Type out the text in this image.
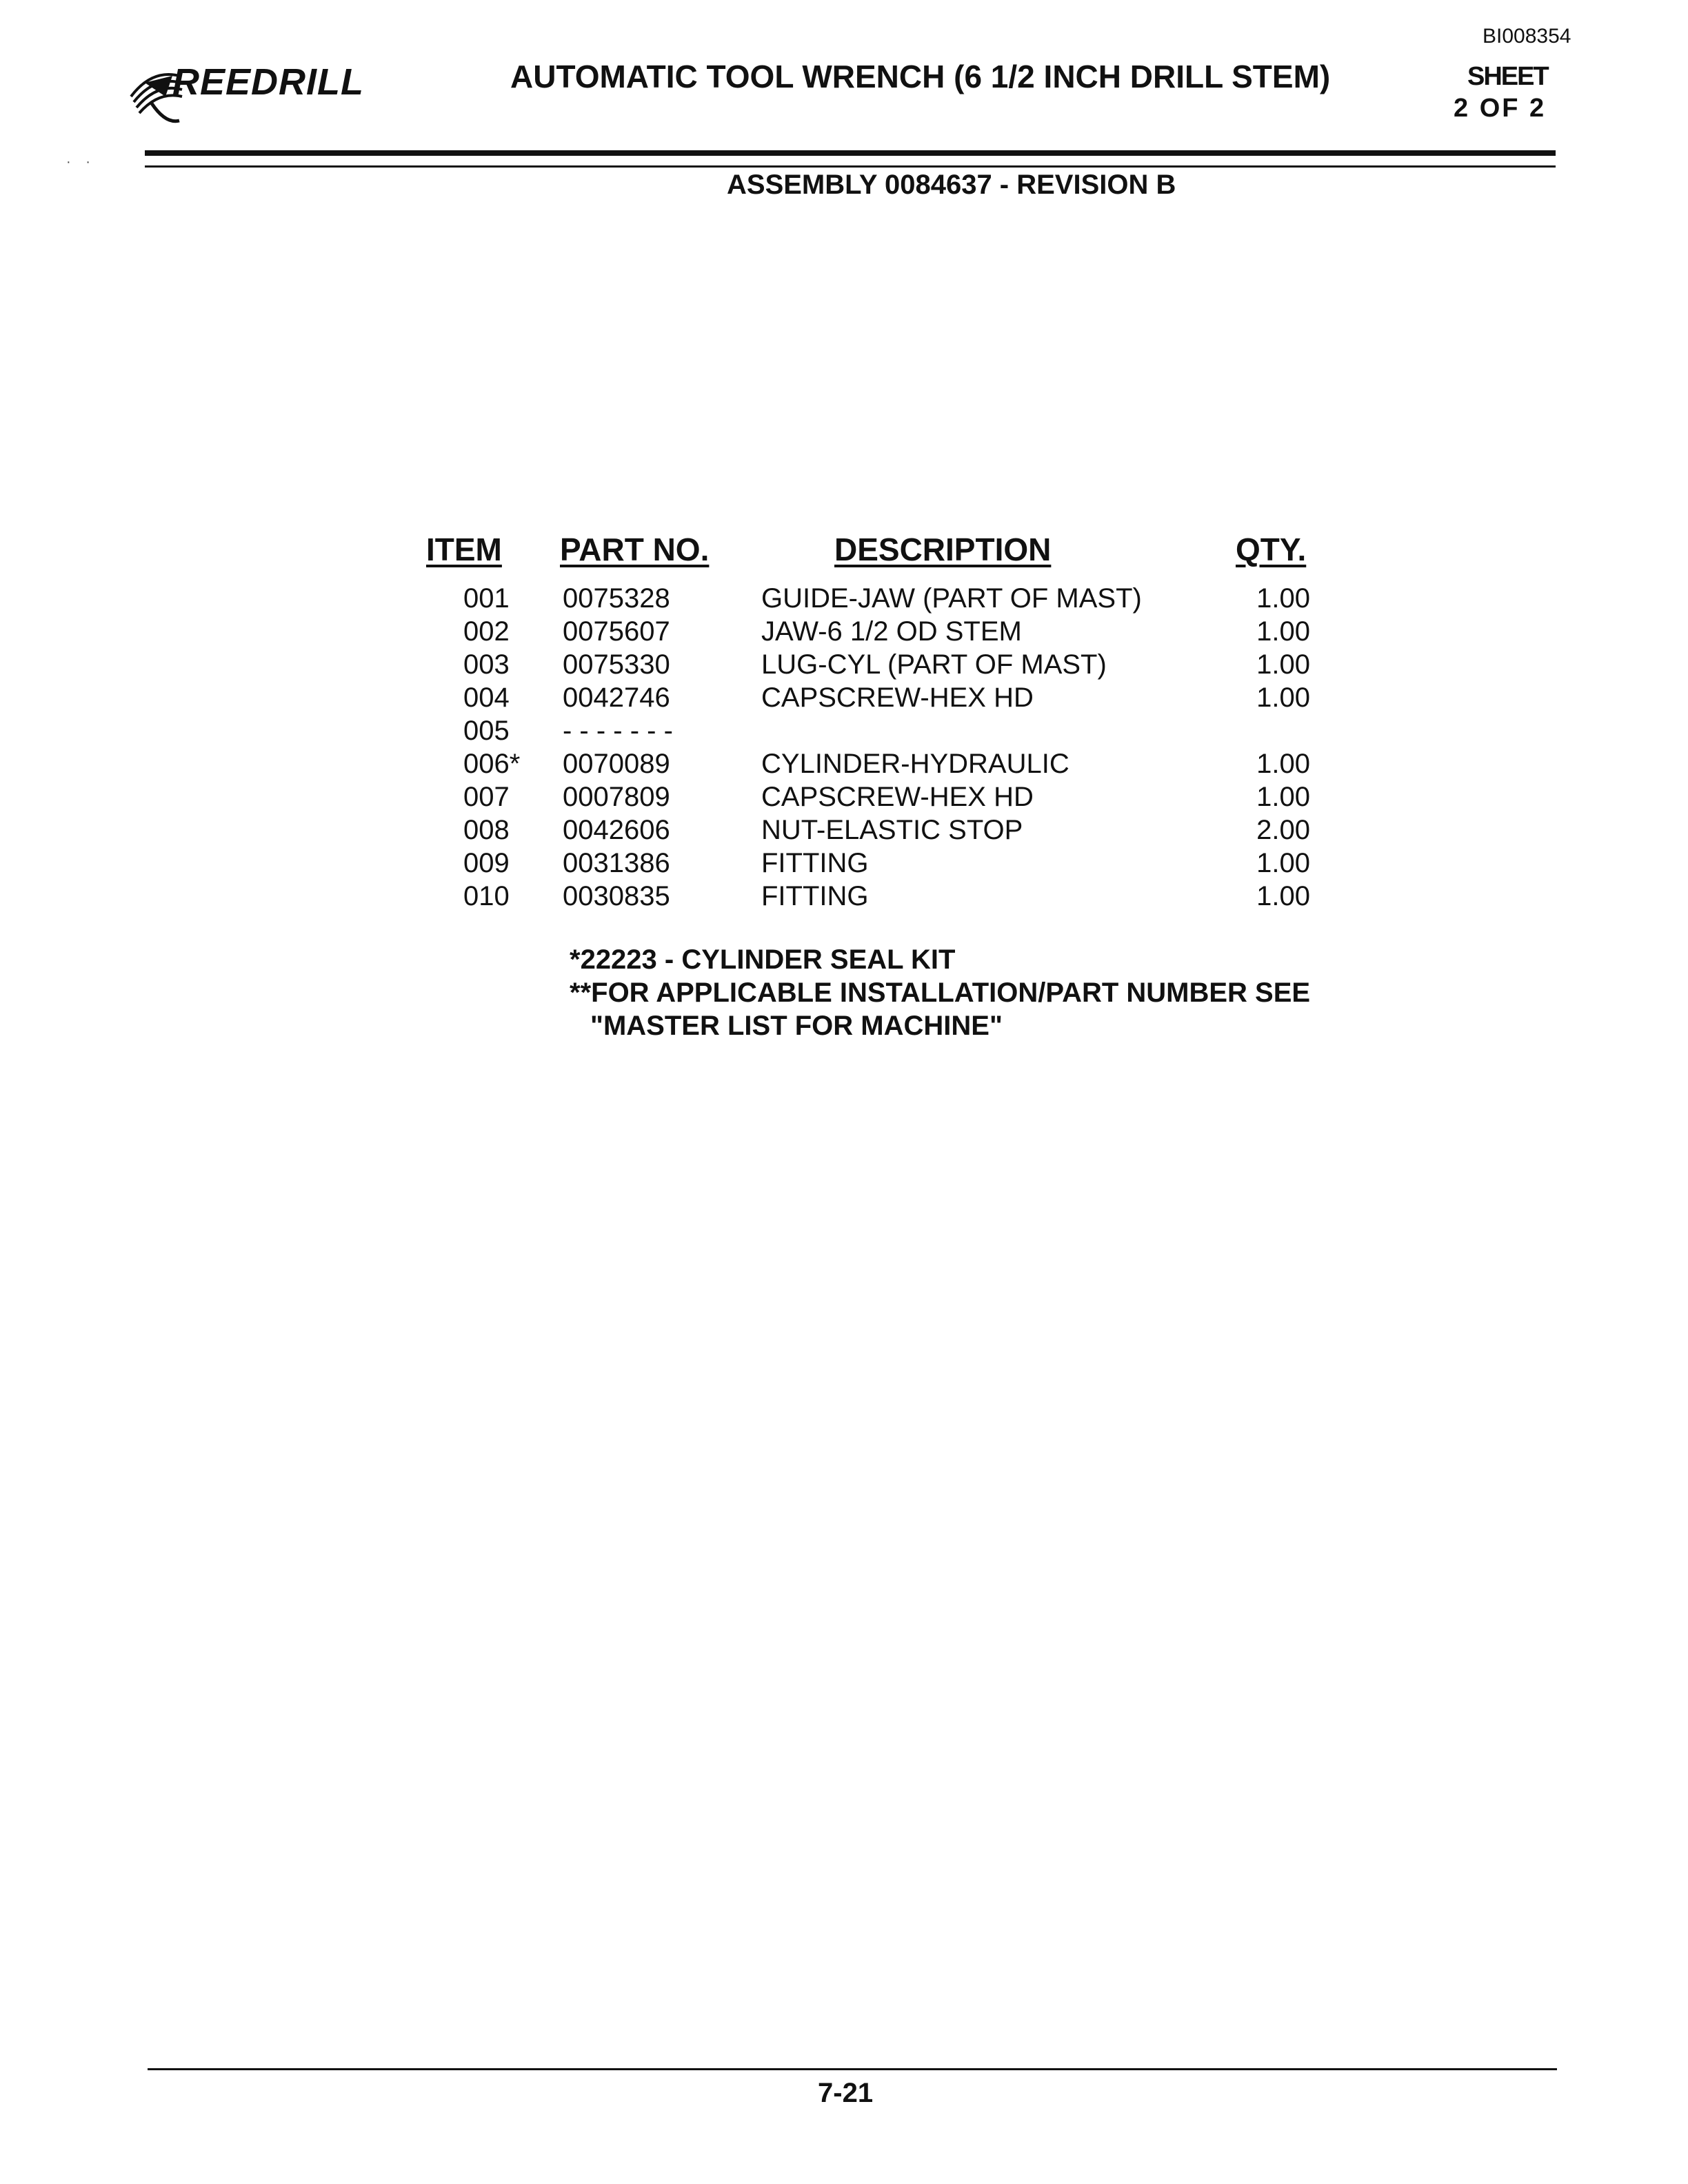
BI008354
REEDRILL	AUTOMATIC TOOL WRENCH (6 1/2 INCH DRILL STEM)	SHEET
2 OF 2
· ·
ASSEMBLY 0084637 - REVISION B
ITEM PART NO.	DESCRIPTION	QTY.
001 0075328	GUIDE-JAW (PART OF MAST)	1.00
002 0075607	JAW-6 1/2 OD STEM	1.00
003 0075330	LUG-CYL (PART OF MAST)	1.00
004 0042746	CAPSCREW-HEX HD	1.00
005 - - - - - - -
006* 0070089	CYLINDER-HYDRAULIC	1.00
007 0007809	CAPSCREW-HEX HD	1.00
008 0042606	NUT-ELASTIC STOP	2.00
009 0031386	FITTING	1.00
010 0030835	FITTING	1.00
*22223 - CYLINDER SEAL KIT
**FOR APPLICABLE INSTALLATION/PART NUMBER SEE
"MASTER LIST FOR MACHINE"
7-21
